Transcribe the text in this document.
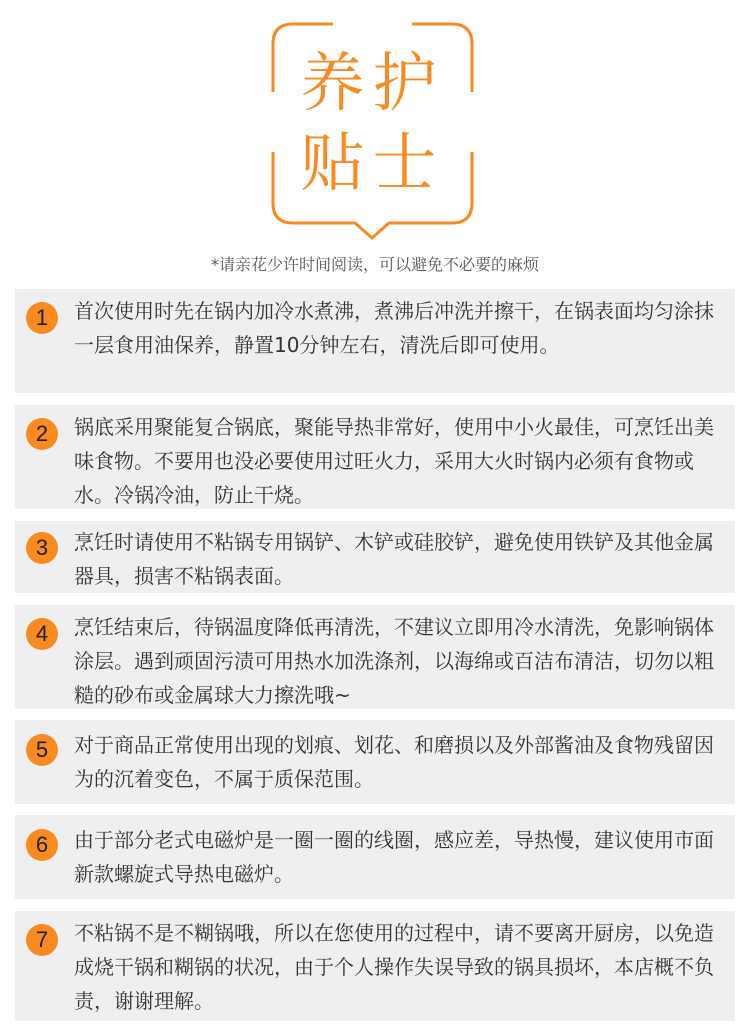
养护
贴士
*请亲花少许时间阅读，可以避免不必要的麻烦
1	首次使用时先在锅内加冷水煮沸，煮沸后冲洗并擦干，在锅表面均匀涂抹一层食用油保养，静置10分钟左右，清洗后即可使用。
2	锅底采用聚能复合锅底，聚能导热非常好，使用中小火最佳，可烹饪出美味食物。不要用也没必要使用过旺火力，采用大火时锅内必须有食物或水。冷锅冷油，防止干烧。
3	烹饪时请使用不粘锅专用锅铲、木铲或硅胶铲，避免使用铁铲及其他金属器具，损害不粘锅表面。
4	烹饪结束后，待锅温度降低再清洗，不建议立即用冷水清洗，免影响锅体涂层。遇到顽固污渍可用热水加洗涤剂，以海绵或百洁布清洁，切勿以粗糙的砂布或金属球大力擦洗哦~
5	对于商品正常使用出现的划痕、划花、和磨损以及外部酱油及食物残留因为的沉着变色，不属于质保范围。
6	由于部分老式电磁炉是一圈一圈的线圈，感应差，导热慢，建议使用市面新款螺旋式导热电磁炉。
7	不粘锅不是不糊锅哦，所以在您使用的过程中，请不要离开厨房，以免造成烧干锅和糊锅的状况，由于个人操作失误导致的锅具损坏，本店概不负责，谢谢理解。
